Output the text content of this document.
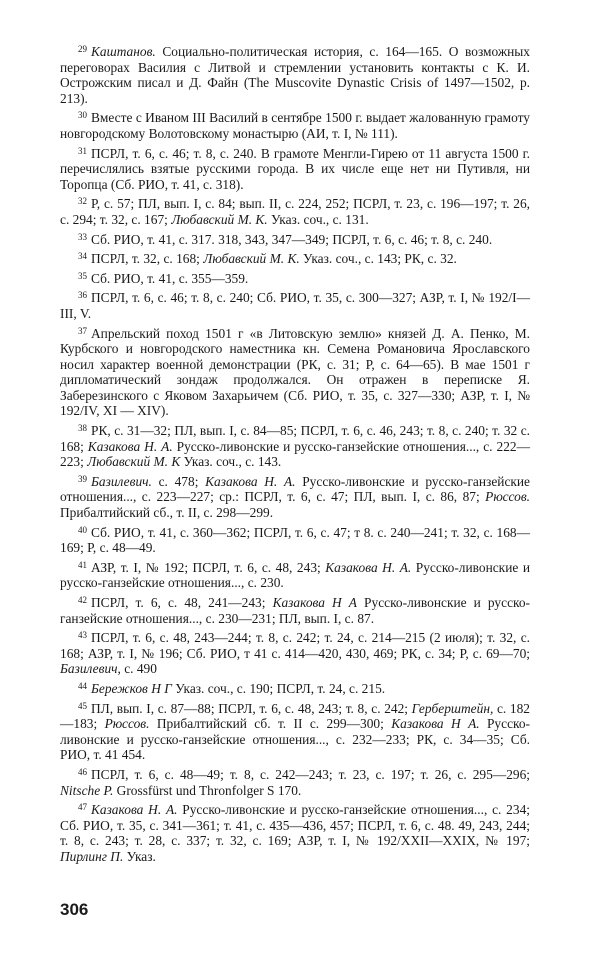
$^{29}$ Каштанов. Социально-политическая история, с. 164—165. О возможных переговорах Василия с Литвой и стремлении установить контакты с К. И. Острожским писал и Д. Файн (The Muscovite Dynastic Crisis of 1497—1502, p. 213).

$^{30}$ Вместе с Иваном III Василий в сентябре 1500 г. выдает жалованную грамоту новгородскому Волотовскому монастырю (АИ, т. I, № 111).

$^{31}$ ПСРЛ, т. 6, с. 46; т. 8, с. 240. В грамоте Менгли-Гирею от 11 августа 1500 г. перечислялись взятые русскими города. В их числе еще нет ни Путивля, ни Торопца (Сб. РИО, т. 41, с. 318).

$^{32}$ Р, с. 57; ПЛ, вып. I, с. 84; вып. II, с. 224, 252; ПСРЛ, т. 23, с. 196—197; т. 26, с. 294; т. 32, с. 167; Любавский М. К. Указ. соч., с. 131.

$^{33}$ Сб. РИО, т. 41, с. 317. 318, 343, 347—349; ПСРЛ, т. 6, с. 46; т. 8, с. 240.

$^{34}$ ПСРЛ, т. 32, с. 168; Любавский М. К. Указ. соч., с. 143; РК, с. 32.

$^{35}$ Сб. РИО, т. 41, с. 355—359.

$^{36}$ ПСРЛ, т. 6, с. 46; т. 8, с. 240; Сб. РИО, т. 35, с. 300—327; АЗР, т. I, № 192/I—III, V.

$^{37}$ Апрельский поход 1501 г «в Литовскую землю» князей Д. А. Пенко, М. Курбского и новгородского наместника кн. Семена Романовича Ярославского носил характер военной демонстрации (РК, с. 31; Р, с. 64—65). В мае 1501 г дипломатический зондаж продолжался. Он отражен в переписке Я. Заберезинского с Яковом Захарьичем (Сб. РИО, т. 35, с. 327—330; АЗР, т. I, № 192/IV, XI — XIV).

$^{38}$ РК, с. 31—32; ПЛ, вып. I, с. 84—85; ПСРЛ, т. 6, с. 46, 243; т. 8, с. 240; т. 32 с. 168; Казакова Н. А. Русско-ливонские и русско-ганзейские отношения..., с. 222—223; Любавский М. К Указ. соч., с. 143.

$^{39}$ Базилевич. с. 478; Казакова Н. А. Русско-ливонские и русско-ганзейские отношения..., с. 223—227; ср.: ПСРЛ, т. 6, с. 47; ПЛ, вып. I, с. 86, 87; Рюссов. Прибалтийский сб., т. II, с. 298—299.

$^{40}$ Сб. РИО, т. 41, с. 360—362; ПСРЛ, т. 6, с. 47; т 8. с. 240—241; т. 32, с. 168—169; Р, с. 48—49.

$^{41}$ АЗР, т. I, № 192; ПСРЛ, т. 6, с. 48, 243; Казакова Н. А. Русско-ливонские и русско-ганзейские отношения..., с. 230.

$^{42}$ ПСРЛ, т. 6, с. 48, 241—243; Казакова Н А Русско-ливонские и русско-ганзейские отношения..., с. 230—231; ПЛ, вып. I, с. 87.

$^{43}$ ПСРЛ, т. 6, с. 48, 243—244; т. 8, с. 242; т. 24, с. 214—215 (2 июля); т. 32, с. 168; АЗР, т. I, № 196; Сб. РИО, т 41 с. 414—420, 430, 469; РК, с. 34; Р, с. 69—70; Базилевич, с. 490

$^{44}$ Бережков Н Г Указ. соч., с. 190; ПСРЛ, т. 24, с. 215.

$^{45}$ ПЛ, вып. I, с. 87—88; ПСРЛ, т. 6, с. 48, 243; т. 8, с. 242; Герберштейн, с. 182—183; Рюссов. Прибалтийский сб. т. II с. 299—300; Казакова Н А. Русско-ливонские и русско-ганзейские отношения..., с. 232—233; РК, с. 34—35; Сб. РИО, т. 41 454.

$^{46}$ ПСРЛ, т. 6, с. 48—49; т. 8, с. 242—243; т. 23, с. 197; т. 26, с. 295—296; Nitsche P. Grossfürst und Thronfolger S 170.

$^{47}$ Казакова Н. А. Русско-ливонские и русско-ганзейские отношения..., с. 234; Сб. РИО, т. 35, с. 341—361; т. 41, с. 435—436, 457; ПСРЛ, т. 6, с. 48. 49, 243, 244; т. 8, с. 243; т. 28, с. 337; т. 32, с. 169; АЗР, т. I, № 192/XXII—XXIX, № 197; Пирлинг П. Указ.

306
